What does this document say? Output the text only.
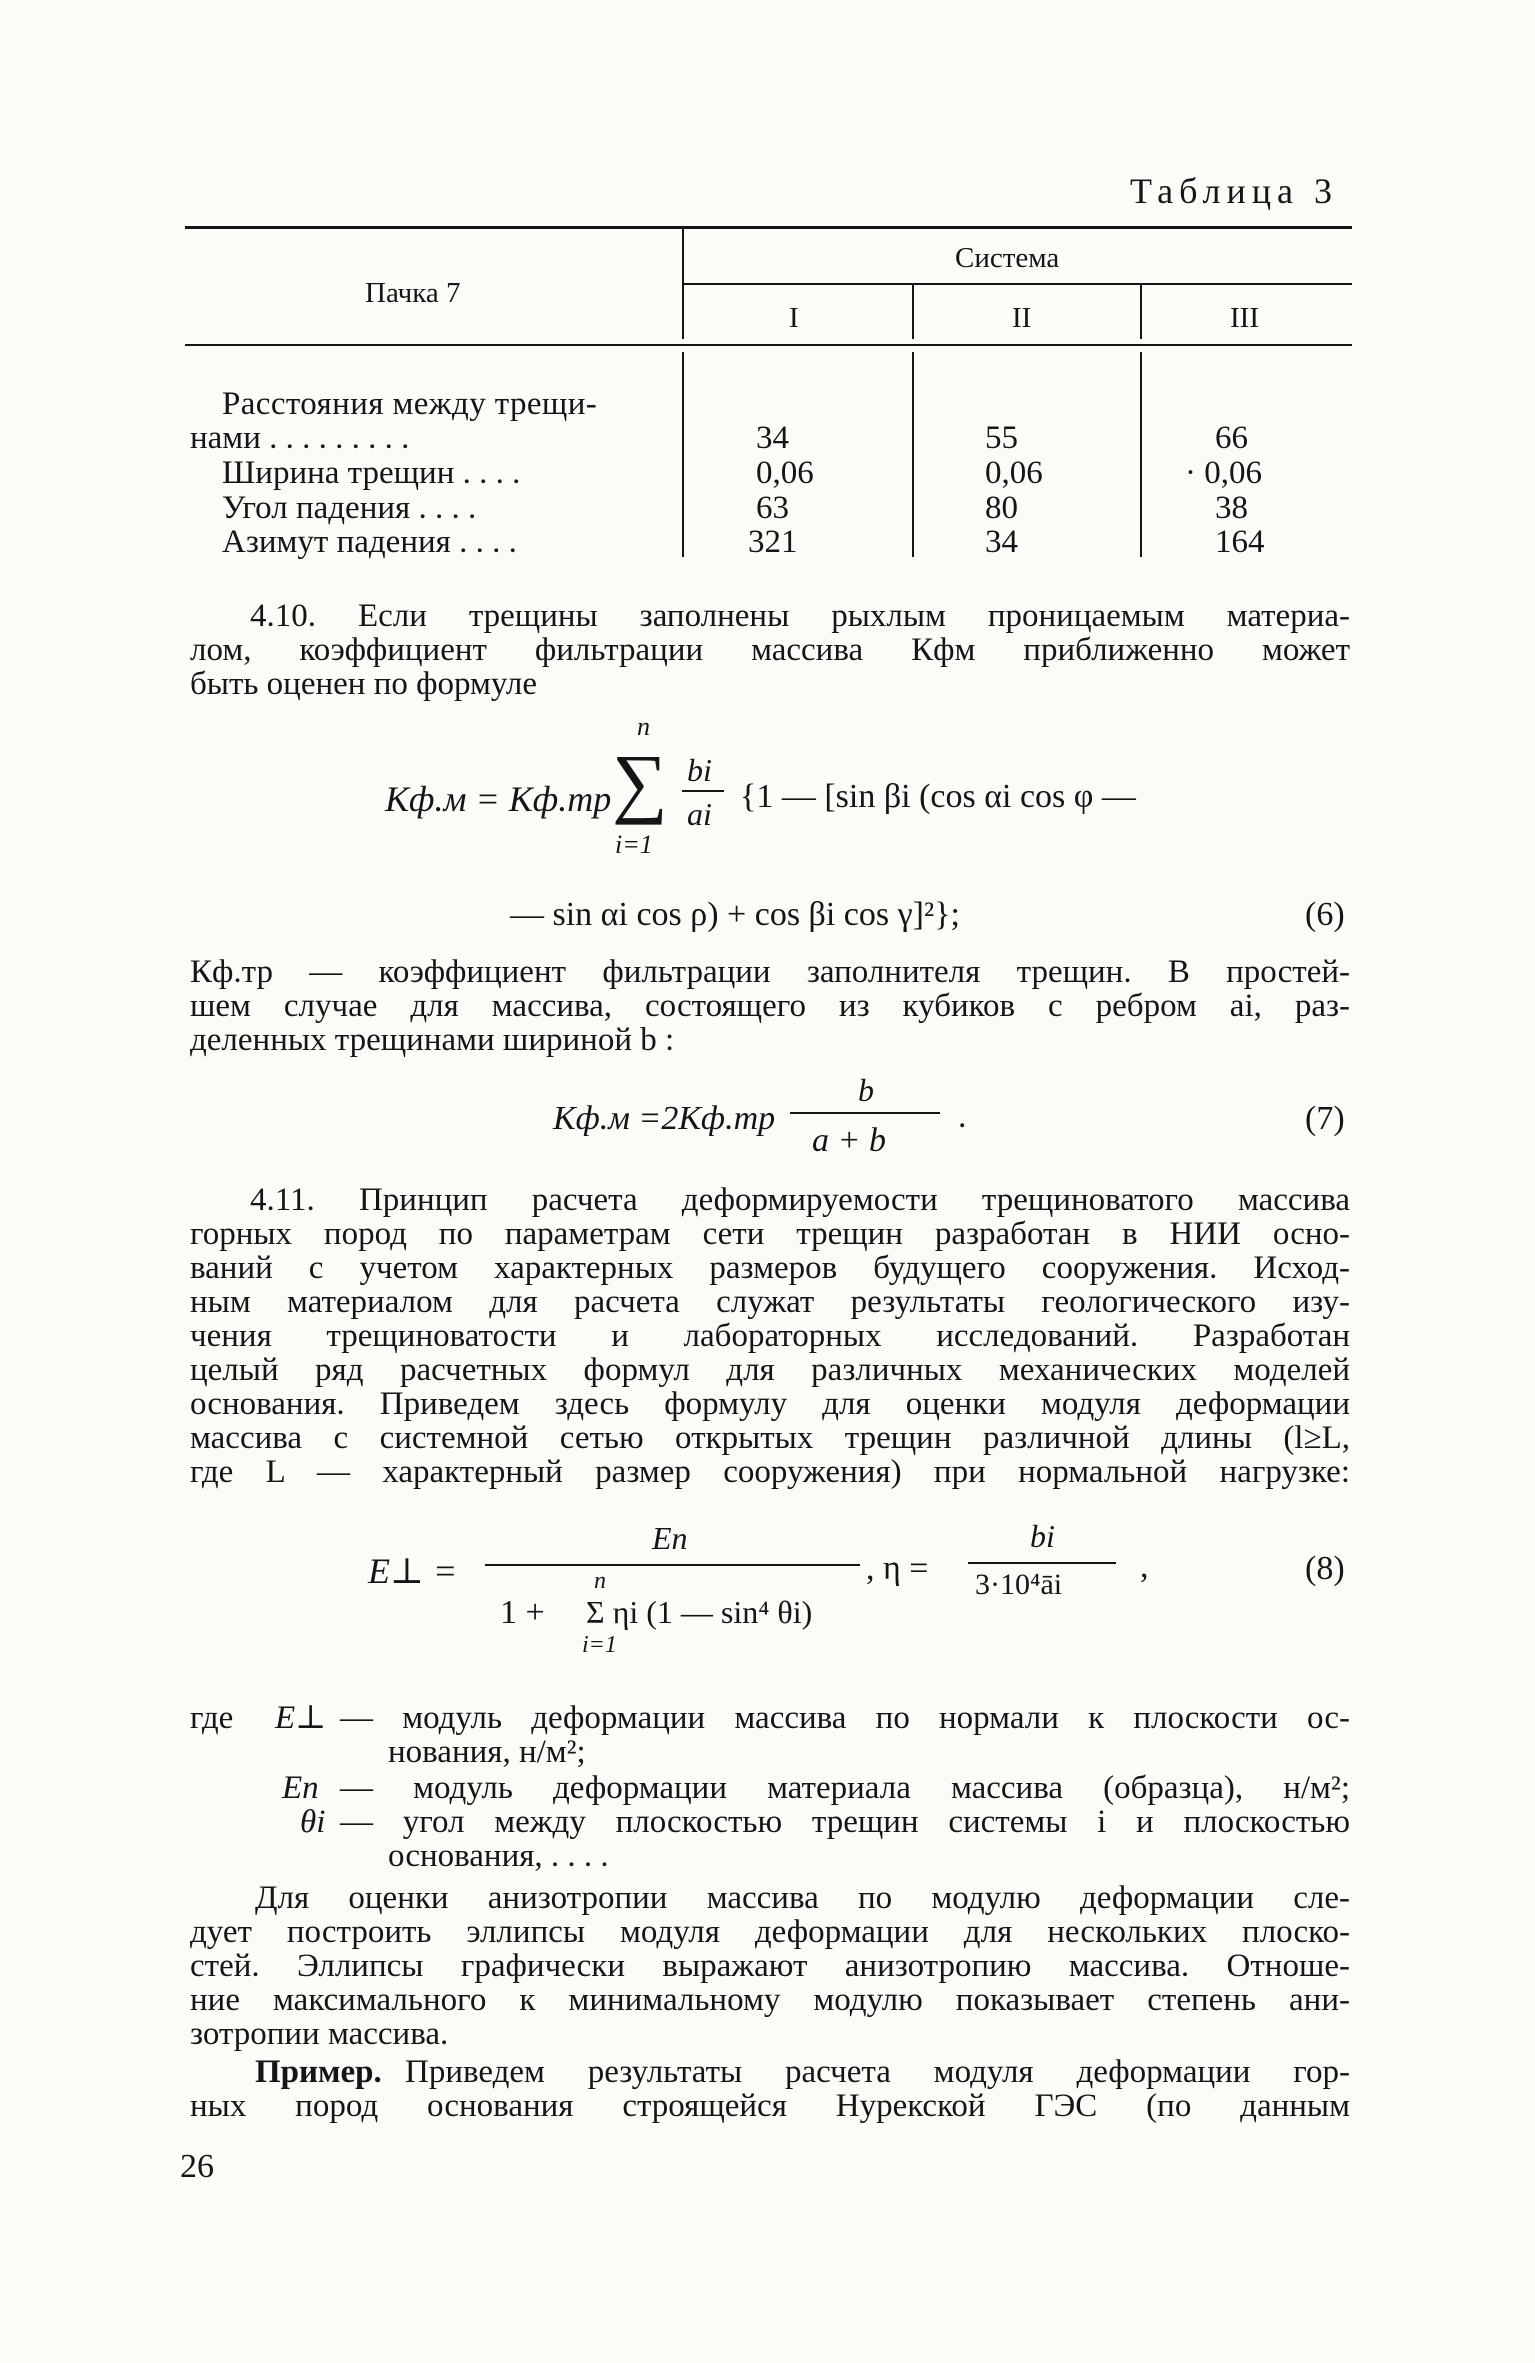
Таблица 3
Пачка 7
Система
I	II	III
Расстояния между трещи-
нами . . . . . . . . .	34	55	66
Ширина трещин . . . .	0,06	0,06	· 0,06
Угол падения . . . .	63	80	38
Азимут падения . . . .	321	34	164
4.10. Если трещины заполнены рыхлым проницаемым материа-
лом, коэффициент фильтрации массива Кфм приближенно может
быть оценен по формуле
Кф.м = Кф.тр
n
∑
i=1
bi
ai {1 — [sin βi (cos αi cos φ —
— sin αi cos ρ) + cos βi cos γ]²};	(6)
Кф.тр — коэффициент фильтрации заполнителя трещин. В простей-
шем случае для массива, состоящего из кубиков с ребром ai, раз-
деленных трещинами шириной b :
Кф.м =2Кф.тр
b
a + b
.	(7)
4.11. Принцип расчета деформируемости трещиноватого массива
горных пород по параметрам сети трещин разработан в НИИ осно-
ваний с учетом характерных размеров будущего сооружения. Исход-
ным материалом для расчета служат результаты геологического изу-
чения трещиноватости и лабораторных исследований. Разработан
целый ряд расчетных формул для различных механических моделей
основания. Приведем здесь формулу для оценки модуля деформации
массива с системной сетью открытых трещин различной длины (l≥L,
где L — характерный размер сооружения) при нормальной нагрузке:
E⊥ =
Eп
1 +
n
Σ ηi (1 — sin⁴ θi)
i=1
, η =
bi
3·10⁴āi ,	(8)
где	E⊥ — модуль деформации массива по нормали к плоскости ос-
нования, н/м²;
Eп — модуль деформации материала массива (образца), н/м²;
θi — угол между плоскостью трещин системы i и плоскостью
основания, . . . .
Для оценки анизотропии массива по модулю деформации сле-
дует построить эллипсы модуля деформации для нескольких плоско-
стей. Эллипсы графически выражают анизотропию массива. Отноше-
ние максимального к минимальному модулю показывает степень ани-
зотропии массива.
Пример. Приведем результаты расчета модуля деформации гор-
ных пород основания строящейся Нурекской ГЭС (по данным
26
